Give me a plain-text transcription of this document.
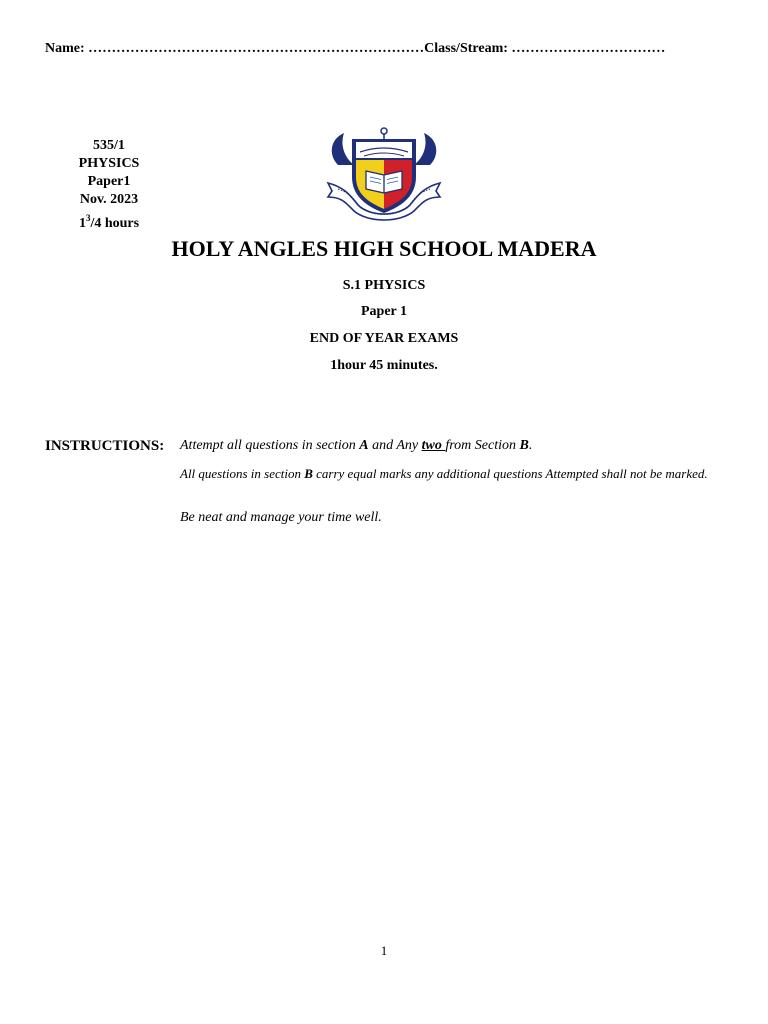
Name: ………………………………………………………………Class/Stream: ……………………………
535/1
PHYSICS
Paper1
Nov. 2023
$1^3/4$ hours
HOLY ANGLES HIGH SCHOOL MADERA
S.1 PHYSICS
Paper 1
END OF YEAR EXAMS
1hour 45 minutes.
INSTRUCTIONS: Attempt all questions in section A and Any two from Section B.
All questions in section B carry equal marks any additional questions Attempted shall not be marked.
Be neat and manage your time well.
1
